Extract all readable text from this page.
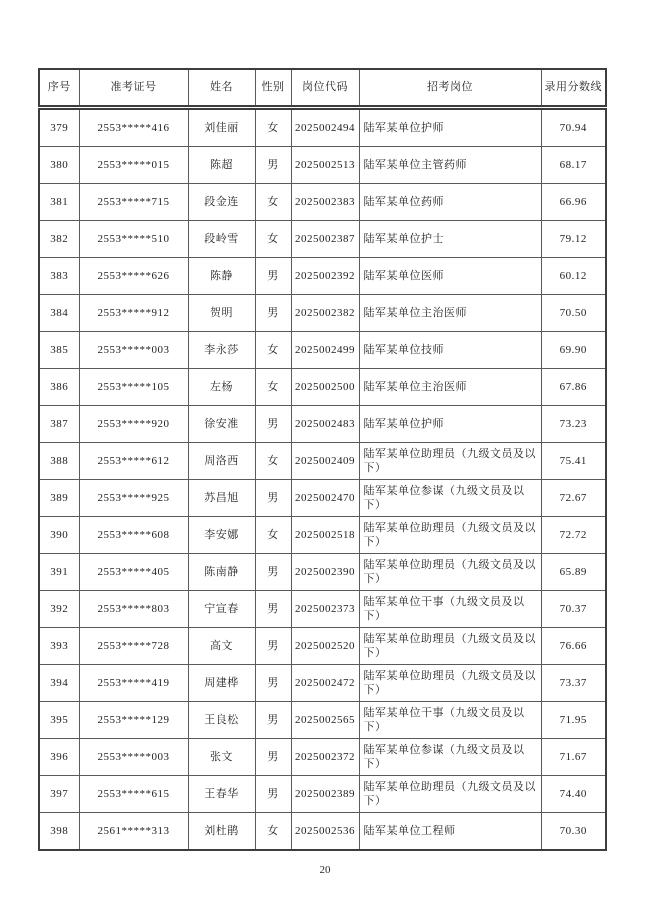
序号	准考证号	姓名	性别	岗位代码	招考岗位	录用分数线
379	2553*****416	刘佳丽	女	2025002494	陆军某单位护师	70.94
380	2553*****015	陈超	男	2025002513	陆军某单位主管药师	68.17
381	2553*****715	段金连	女	2025002383	陆军某单位药师	66.96
382	2553*****510	段岭雪	女	2025002387	陆军某单位护士	79.12
383	2553*****626	陈静	男	2025002392	陆军某单位医师	60.12
384	2553*****912	贺明	男	2025002382	陆军某单位主治医师	70.50
385	2553*****003	李永莎	女	2025002499	陆军某单位技师	69.90
386	2553*****105	左杨	女	2025002500	陆军某单位主治医师	67.86
387	2553*****920	徐安准	男	2025002483	陆军某单位护师	73.23
388	2553*****612	周洛西	女	2025002409	陆军某单位助理员（九级文员及以下）	75.41
389	2553*****925	苏昌旭	男	2025002470	陆军某单位参谋（九级文员及以下）	72.67
390	2553*****608	李安娜	女	2025002518	陆军某单位助理员（九级文员及以下）	72.72
391	2553*****405	陈南静	男	2025002390	陆军某单位助理员（九级文员及以下）	65.89
392	2553*****803	宁宣春	男	2025002373	陆军某单位干事（九级文员及以下）	70.37
393	2553*****728	高文	男	2025002520	陆军某单位助理员（九级文员及以下）	76.66
394	2553*****419	周建桦	男	2025002472	陆军某单位助理员（九级文员及以下）	73.37
395	2553*****129	王良松	男	2025002565	陆军某单位干事（九级文员及以下）	71.95
396	2553*****003	张文	男	2025002372	陆军某单位参谋（九级文员及以下）	71.67
397	2553*****615	王春华	男	2025002389	陆军某单位助理员（九级文员及以下）	74.40
398	2561*****313	刘杜鹃	女	2025002536	陆军某单位工程师	70.30
20
